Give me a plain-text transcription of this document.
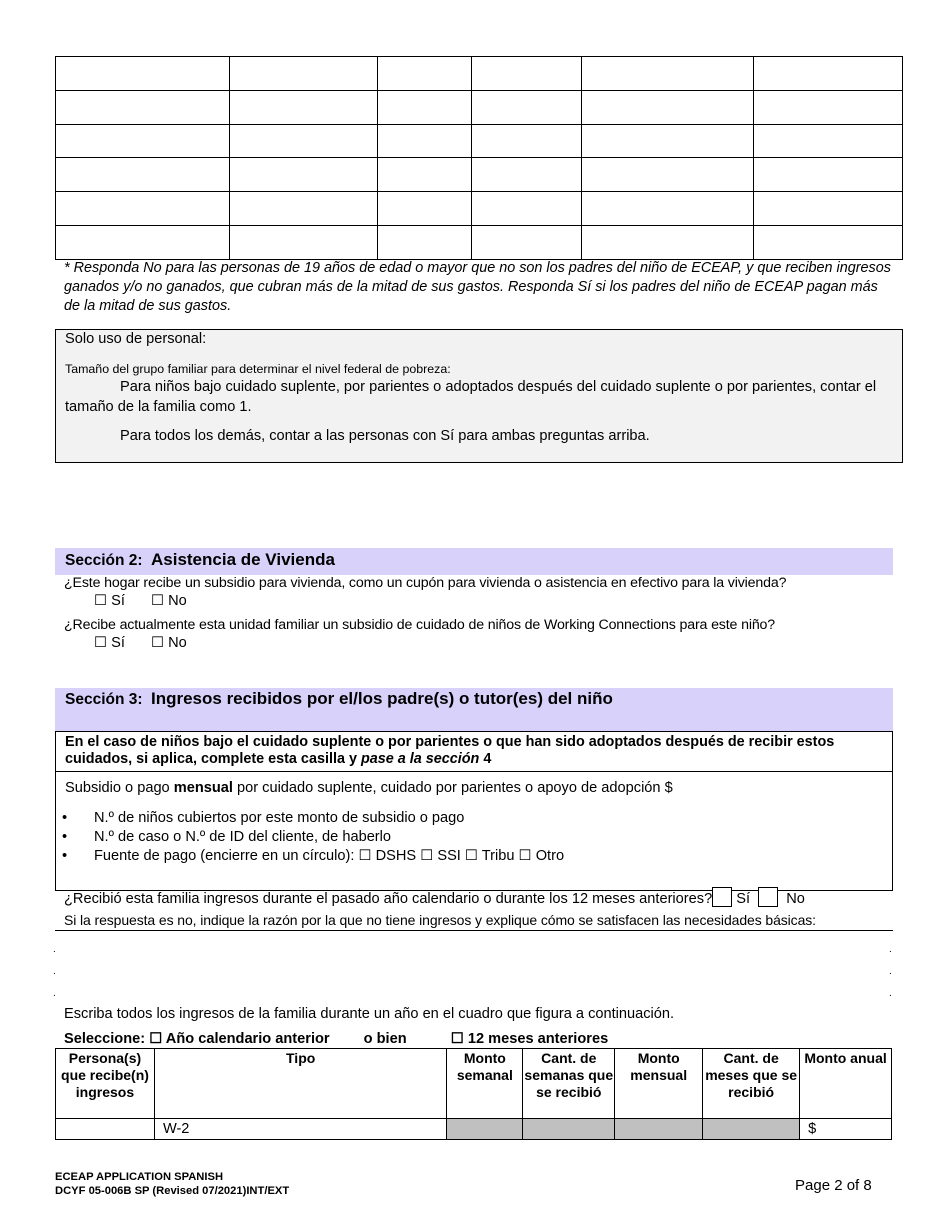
* Responda No para las personas de 19 años de edad o mayor que no son los padres del niño de ECEAP, y que reciben ingresos ganados y/o no ganados, que cubran más de la mitad de sus gastos. Responda Sí si los padres del niño de ECEAP pagan más de la mitad de sus gastos.
Solo uso de personal:
Tamaño del grupo familiar para determinar el nivel federal de pobreza:
Para niños bajo cuidado suplente, por parientes o adoptados después del cuidado suplente o por parientes, contar el tamaño de la familia como 1.
Para todos los demás, contar a las personas con Sí para ambas preguntas arriba.
Sección 2: Asistencia de Vivienda
¿Este hogar recibe un subsidio para vivienda, como un cupón para vivienda o asistencia en efectivo para la vivienda?
☐ Sí ☐ No
¿Recibe actualmente esta unidad familiar un subsidio de cuidado de niños de Working Connections para este niño?
☐ Sí ☐ No
Sección 3: Ingresos recibidos por el/los padre(s) o tutor(es) del niño
En el caso de niños bajo el cuidado suplente o por parientes o que han sido adoptados después de recibir estos cuidados, si aplica, complete esta casilla y pase a la sección 4
Subsidio o pago mensual por cuidado suplente, cuidado por parientes o apoyo de adopción $
• N.º de niños cubiertos por este monto de subsidio o pago
• N.º de caso o N.º de ID del cliente, de haberlo
• Fuente de pago (encierre en un círculo): ☐ DSHS ☐ SSI ☐ Tribu ☐ Otro
¿Recibió esta familia ingresos durante el pasado año calendario o durante los 12 meses anteriores? Sí No
Si la respuesta es no, indique la razón por la que no tiene ingresos y explique cómo se satisfacen las necesidades básicas:
.
.
.
.
.
.
Escriba todos los ingresos de la familia durante un año en el cuadro que figura a continuación.
Seleccione: ☐ Año calendario anterior o bien	☐ 12 meses anteriores
Persona(s) que recibe(n) ingresos	Tipo	Monto semanal	Cant. de semanas que se recibió	Monto mensual	Cant. de meses que se recibió	Monto anual
	W-2					$
ECEAP APPLICATION SPANISH
DCYF 05-006B SP (Revised 07/2021)INT/EXT	Page 2 of 8
